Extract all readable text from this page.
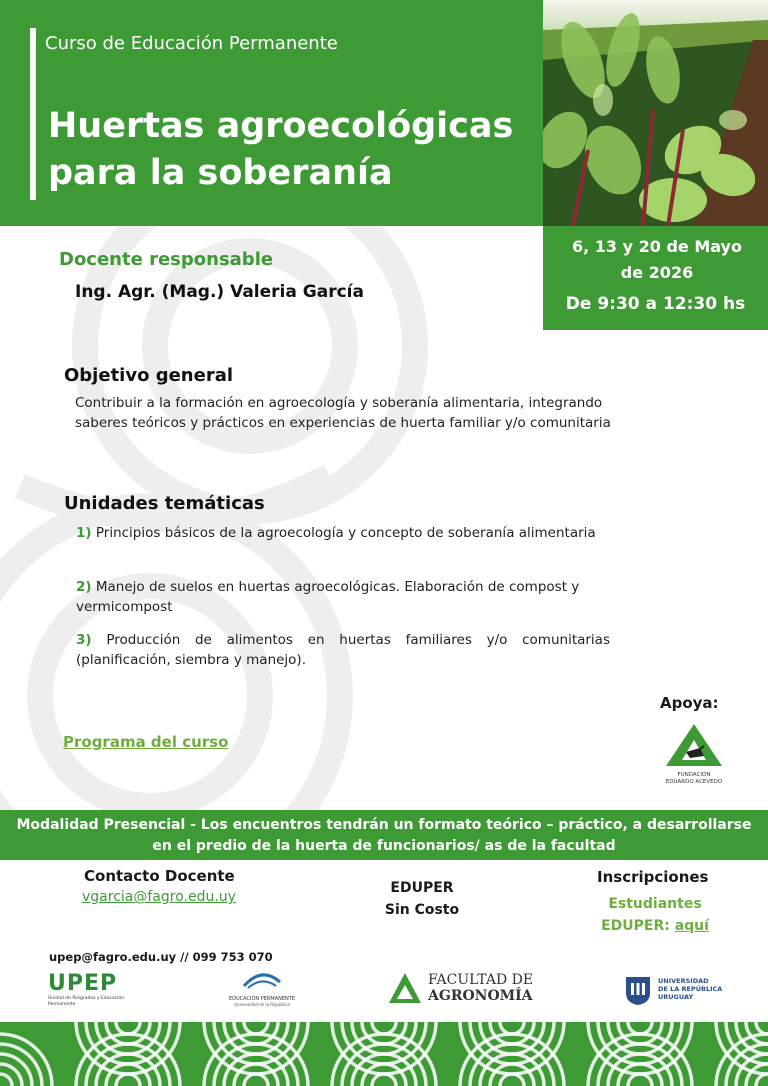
Curso de Educación Permanente
Huertas agroecológicas
para la soberanía
6, 13 y 20 de Mayo
de 2026
De 9:30 a 12:30 hs
Docente responsable
Ing. Agr. (Mag.) Valeria García
Objetivo general
Contribuir a la formación en agroecología y soberanía alimentaria, integrando
saberes teóricos y prácticos en experiencias de huerta familiar y/o comunitaria
Unidades temáticas
1) Principios básicos de la agroecología y concepto de soberanía alimentaria
2) Manejo de suelos en huertas agroecológicas. Elaboración de compost y vermicompost
3) Producción de alimentos en huertas familiares y/o comunitarias (planificación, siembra y manejo).
Programa del curso
Apoya:
FUNDACIÓN
EDUARDO ACEVEDO
Modalidad Presencial - Los encuentros tendrán un formato teórico – práctico, a desarrollarse
en el predio de la huerta de funcionarios/ as de la facultad
Contacto Docente
vgarcia@fagro.edu.uy
EDUPER
Sin Costo
Inscripciones
Estudiantes
EDUPER: aquí
upep@fagro.edu.uy // 099 753 070
UPEP
Unidad de Posgrados y Educación Permanente
EDUCACIÓN PERMANENTE
Universidad de la República
FACULTAD DE
AGRONOMÍA
UNIVERSIDAD
DE LA REPÚBLICA
URUGUAY
